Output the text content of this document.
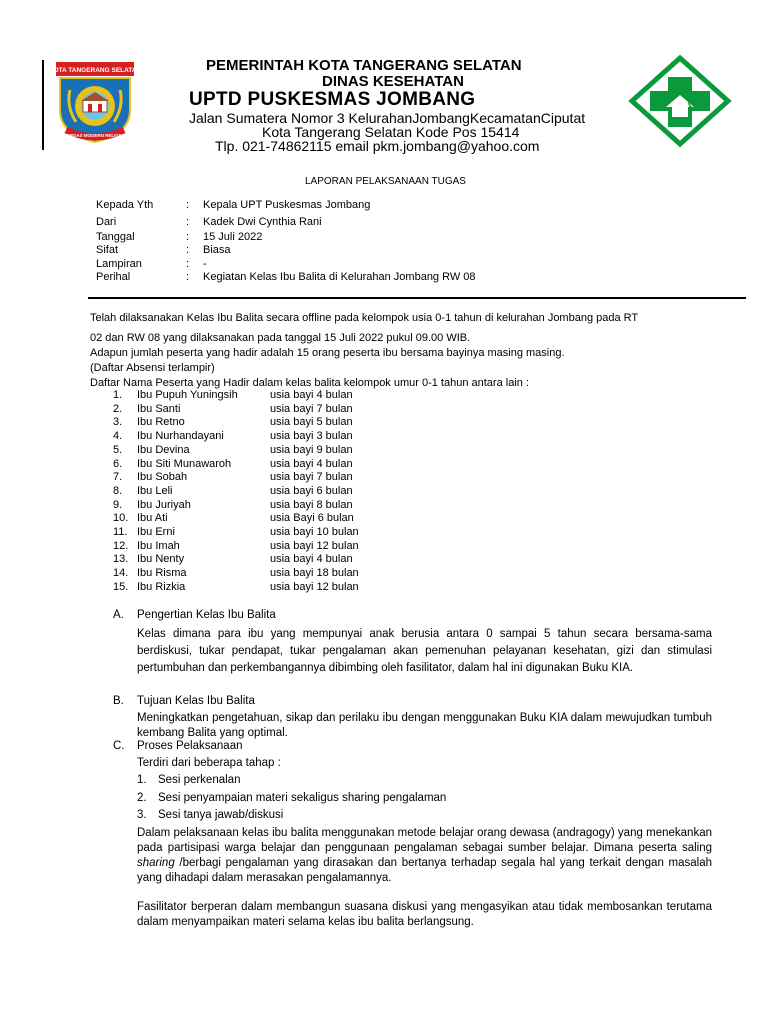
KOTA TANGERANG SELATAN
CERDAS MODERN RELIGIUS
PEMERINTAH KOTA TANGERANG SELATAN
DINAS KESEHATAN
UPTD PUSKESMAS JOMBANG
Jalan Sumatera Nomor 3 KelurahanJombangKecamatanCiputat
Kota Tangerang Selatan Kode Pos 15414
Tlp. 021-74862115 email pkm.jombang@yahoo.com
LAPORAN PELAKSANAAN TUGAS
Kepada Yth	: Kepala UPT Puskesmas Jombang
Dari	: Kadek Dwi Cynthia Rani
Tanggal	: 15 Juli 2022
Sifat	: Biasa
Lampiran	: -
Perihal	: Kegiatan Kelas Ibu Balita di Kelurahan Jombang RW 08
Telah dilaksanakan Kelas Ibu Balita secara offline pada kelompok usia 0-1 tahun di kelurahan Jombang pada RT
02 dan RW 08 yang dilaksanakan pada tanggal 15 Juli 2022 pukul 09.00 WIB.
Adapun jumlah peserta yang hadir adalah 15 orang peserta ibu bersama bayinya masing masing.
(Daftar Absensi terlampir)
Daftar Nama Peserta yang Hadir dalam kelas balita kelompok umur 0-1 tahun antara lain :
1.	Ibu Pupuh Yuningsih	usia bayi 4 bulan
2.	Ibu Santi	usia bayi 7 bulan
3.	Ibu Retno	usia bayi 5 bulan
4.	Ibu Nurhandayani	usia bayi 3 bulan
5.	Ibu Devina	usia bayi 9 bulan
6.	Ibu Siti Munawaroh	usia bayi 4 bulan
7.	Ibu Sobah	usia bayi 7 bulan
8.	Ibu Leli	usia bayi 6 bulan
9.	Ibu Juriyah	usia bayi 8 bulan
10. Ibu Ati	usia Bayi 6 bulan
11. Ibu Erni	usia bayi 10 bulan
12. Ibu Imah	usia bayi 12 bulan
13. Ibu Nenty	usia bayi 4 bulan
14. Ibu Risma	usia bayi 18 bulan
15. Ibu Rizkia	usia bayi 12 bulan
A. Pengertian Kelas Ibu Balita
Kelas dimana para ibu yang mempunyai anak berusia antara 0 sampai 5 tahun secara bersama-sama berdiskusi, tukar pendapat, tukar pengalaman akan pemenuhan pelayanan kesehatan, gizi dan stimulasi pertumbuhan dan perkembangannya dibimbing oleh fasilitator, dalam hal ini digunakan Buku KIA.
B. Tujuan Kelas Ibu Balita
Meningkatkan pengetahuan, sikap dan perilaku ibu dengan menggunakan Buku KIA dalam mewujudkan tumbuh kembang Balita yang optimal.
C. Proses Pelaksanaan
Terdiri dari beberapa tahap :
1. Sesi perkenalan
2. Sesi penyampaian materi sekaligus sharing pengalaman
3. Sesi tanya jawab/diskusi
Dalam pelaksanaan kelas ibu balita menggunakan metode belajar orang dewasa (andragogy) yang menekankan pada partisipasi warga belajar dan penggunaan pengalaman sebagai sumber belajar. Dimana peserta saling sharing /berbagi pengalaman yang dirasakan dan bertanya terhadap segala hal yang terkait dengan masalah yang dihadapi dalam merasakan pengalamannya.
Fasilitator berperan dalam membangun suasana diskusi yang mengasyikan atau tidak membosankan terutama dalam menyampaikan materi selama kelas ibu balita berlangsung.
